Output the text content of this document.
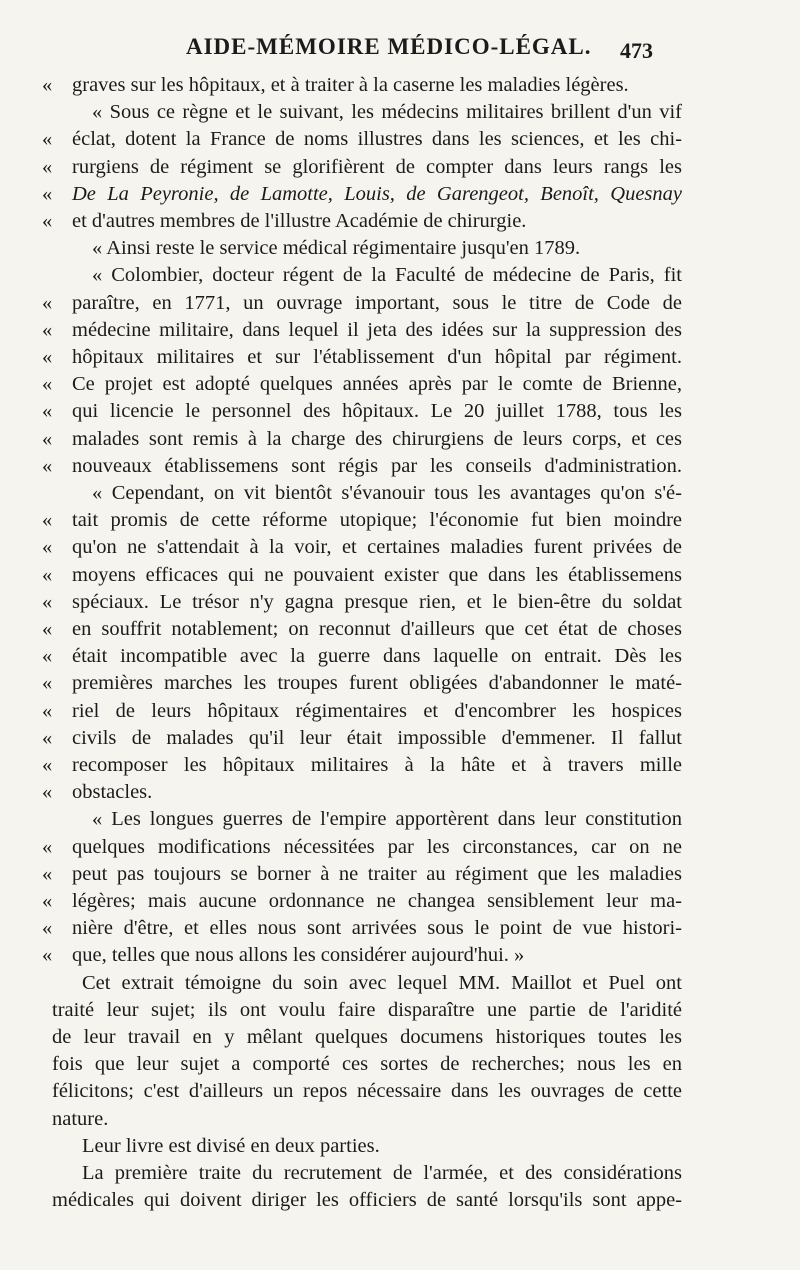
AIDE-MÉMOIRE MÉDICO-LÉGAL. 473
« graves sur les hôpitaux, et à traiter à la caserne les maladies légères.
« Sous ce règne et le suivant, les médecins militaires brillent d'un vif
« éclat, dotent la France de noms illustres dans les sciences, et les chi-
« rurgiens de régiment se glorifièrent de compter dans leurs rangs les
« De La Peyronie, de Lamotte, Louis, de Garengeot, Benoît, Quesnay
« et d'autres membres de l'illustre Académie de chirurgie.
« Ainsi reste le service médical régimentaire jusqu'en 1789.
« Colombier, docteur régent de la Faculté de médecine de Paris, fit
« paraître, en 1771, un ouvrage important, sous le titre de Code de
« médecine militaire, dans lequel il jeta des idées sur la suppression des
« hôpitaux militaires et sur l'établissement d'un hôpital par régiment.
« Ce projet est adopté quelques années après par le comte de Brienne,
« qui licencie le personnel des hôpitaux. Le 20 juillet 1788, tous les
« malades sont remis à la charge des chirurgiens de leurs corps, et ces
« nouveaux établissemens sont régis par les conseils d'administration.
« Cependant, on vit bientôt s'évanouir tous les avantages qu'on s'é-
« tait promis de cette réforme utopique; l'économie fut bien moindre
« qu'on ne s'attendait à la voir, et certaines maladies furent privées de
« moyens efficaces qui ne pouvaient exister que dans les établissemens
« spéciaux. Le trésor n'y gagna presque rien, et le bien-être du soldat
« en souffrit notablement; on reconnut d'ailleurs que cet état de choses
« était incompatible avec la guerre dans laquelle on entrait. Dès les
« premières marches les troupes furent obligées d'abandonner le maté-
« riel de leurs hôpitaux régimentaires et d'encombrer les hospices
« civils de malades qu'il leur était impossible d'emmener. Il fallut
« recomposer les hôpitaux militaires à la hâte et à travers mille
« obstacles.
« Les longues guerres de l'empire apportèrent dans leur constitution
« quelques modifications nécessitées par les circonstances, car on ne
« peut pas toujours se borner à ne traiter au régiment que les maladies
« légères; mais aucune ordonnance ne changea sensiblement leur ma-
« nière d'être, et elles nous sont arrivées sous le point de vue histori-
« que, telles que nous allons les considérer aujourd'hui. »
Cet extrait témoigne du soin avec lequel MM. Maillot et Puel ont
traité leur sujet; ils ont voulu faire disparaître une partie de l'aridité
de leur travail en y mêlant quelques documens historiques toutes les
fois que leur sujet a comporté ces sortes de recherches; nous les en
félicitons; c'est d'ailleurs un repos nécessaire dans les ouvrages de cette
nature.
Leur livre est divisé en deux parties.
La première traite du recrutement de l'armée, et des considérations
médicales qui doivent diriger les officiers de santé lorsqu'ils sont appe-
